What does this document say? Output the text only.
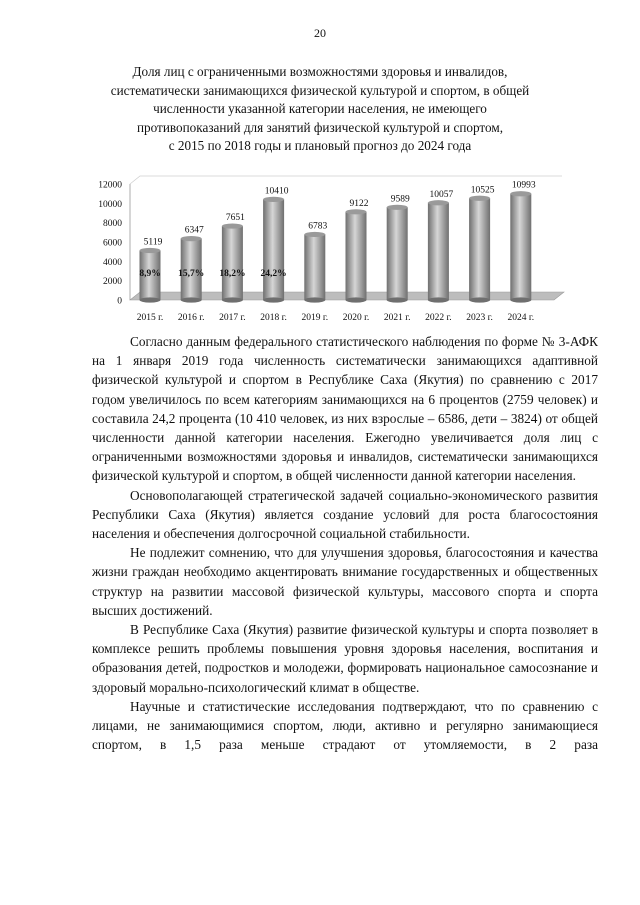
20
Доля лиц с ограниченными возможностями здоровья и инвалидов,
систематически занимающихся физической культурой и спортом, в общей
численности указанной категории населения, не имеющего
противопоказаний для занятий физической культурой и спортом,
с 2015 по 2018 годы и плановый прогноз до 2024 года
0
2000
4000
6000
8000
10000
12000
5119
8,9%
2015 г.
6347
15,7%
2016 г.
7651
18,2%
2017 г.
10410
24,2%
2018 г.
6783
2019 г.
9122
2020 г.
9589
2021 г.
10057
2022 г.
10525
2023 г.
10993
2024 г.

Согласно данным федерального статистического наблюдения по форме № 3-АФК на 1 января 2019 года численность систематически занимающихся адаптивной физической культурой и спортом в Республике Саха (Якутия) по сравнению с 2017 годом увеличилось по всем категориям занимающихся на 6 процентов (2759 человек) и составила 24,2 процента (10 410 человек, из них взрослые – 6586, дети – 3824) от общей численности данной категории населения. Ежегодно увеличивается доля лиц с ограниченными возможностями здоровья и инвалидов, систематически занимающихся физической культурой и спортом, в общей численности данной категории населения.

Основополагающей стратегической задачей социально-экономического развития Республики Саха (Якутия) является создание условий для роста благосостояния населения и обеспечения долгосрочной социальной стабильности.

Не подлежит сомнению, что для улучшения здоровья, благосостояния и качества жизни граждан необходимо акцентировать внимание государственных и общественных структур на развитии массовой физической культуры, массового спорта и спорта высших достижений.

В Республике Саха (Якутия) развитие физической культуры и спорта позволяет в комплексе решить проблемы повышения уровня здоровья населения, воспитания и образования детей, подростков и молодежи, формировать национальное самосознание и здоровый морально-психологический климат в обществе.

Научные и статистические исследования подтверждают, что по сравнению с лицами, не занимающимися спортом, люди, активно и регулярно занимающиеся спортом, в 1,5 раза меньше страдают от утомляемости, в 2 раза
